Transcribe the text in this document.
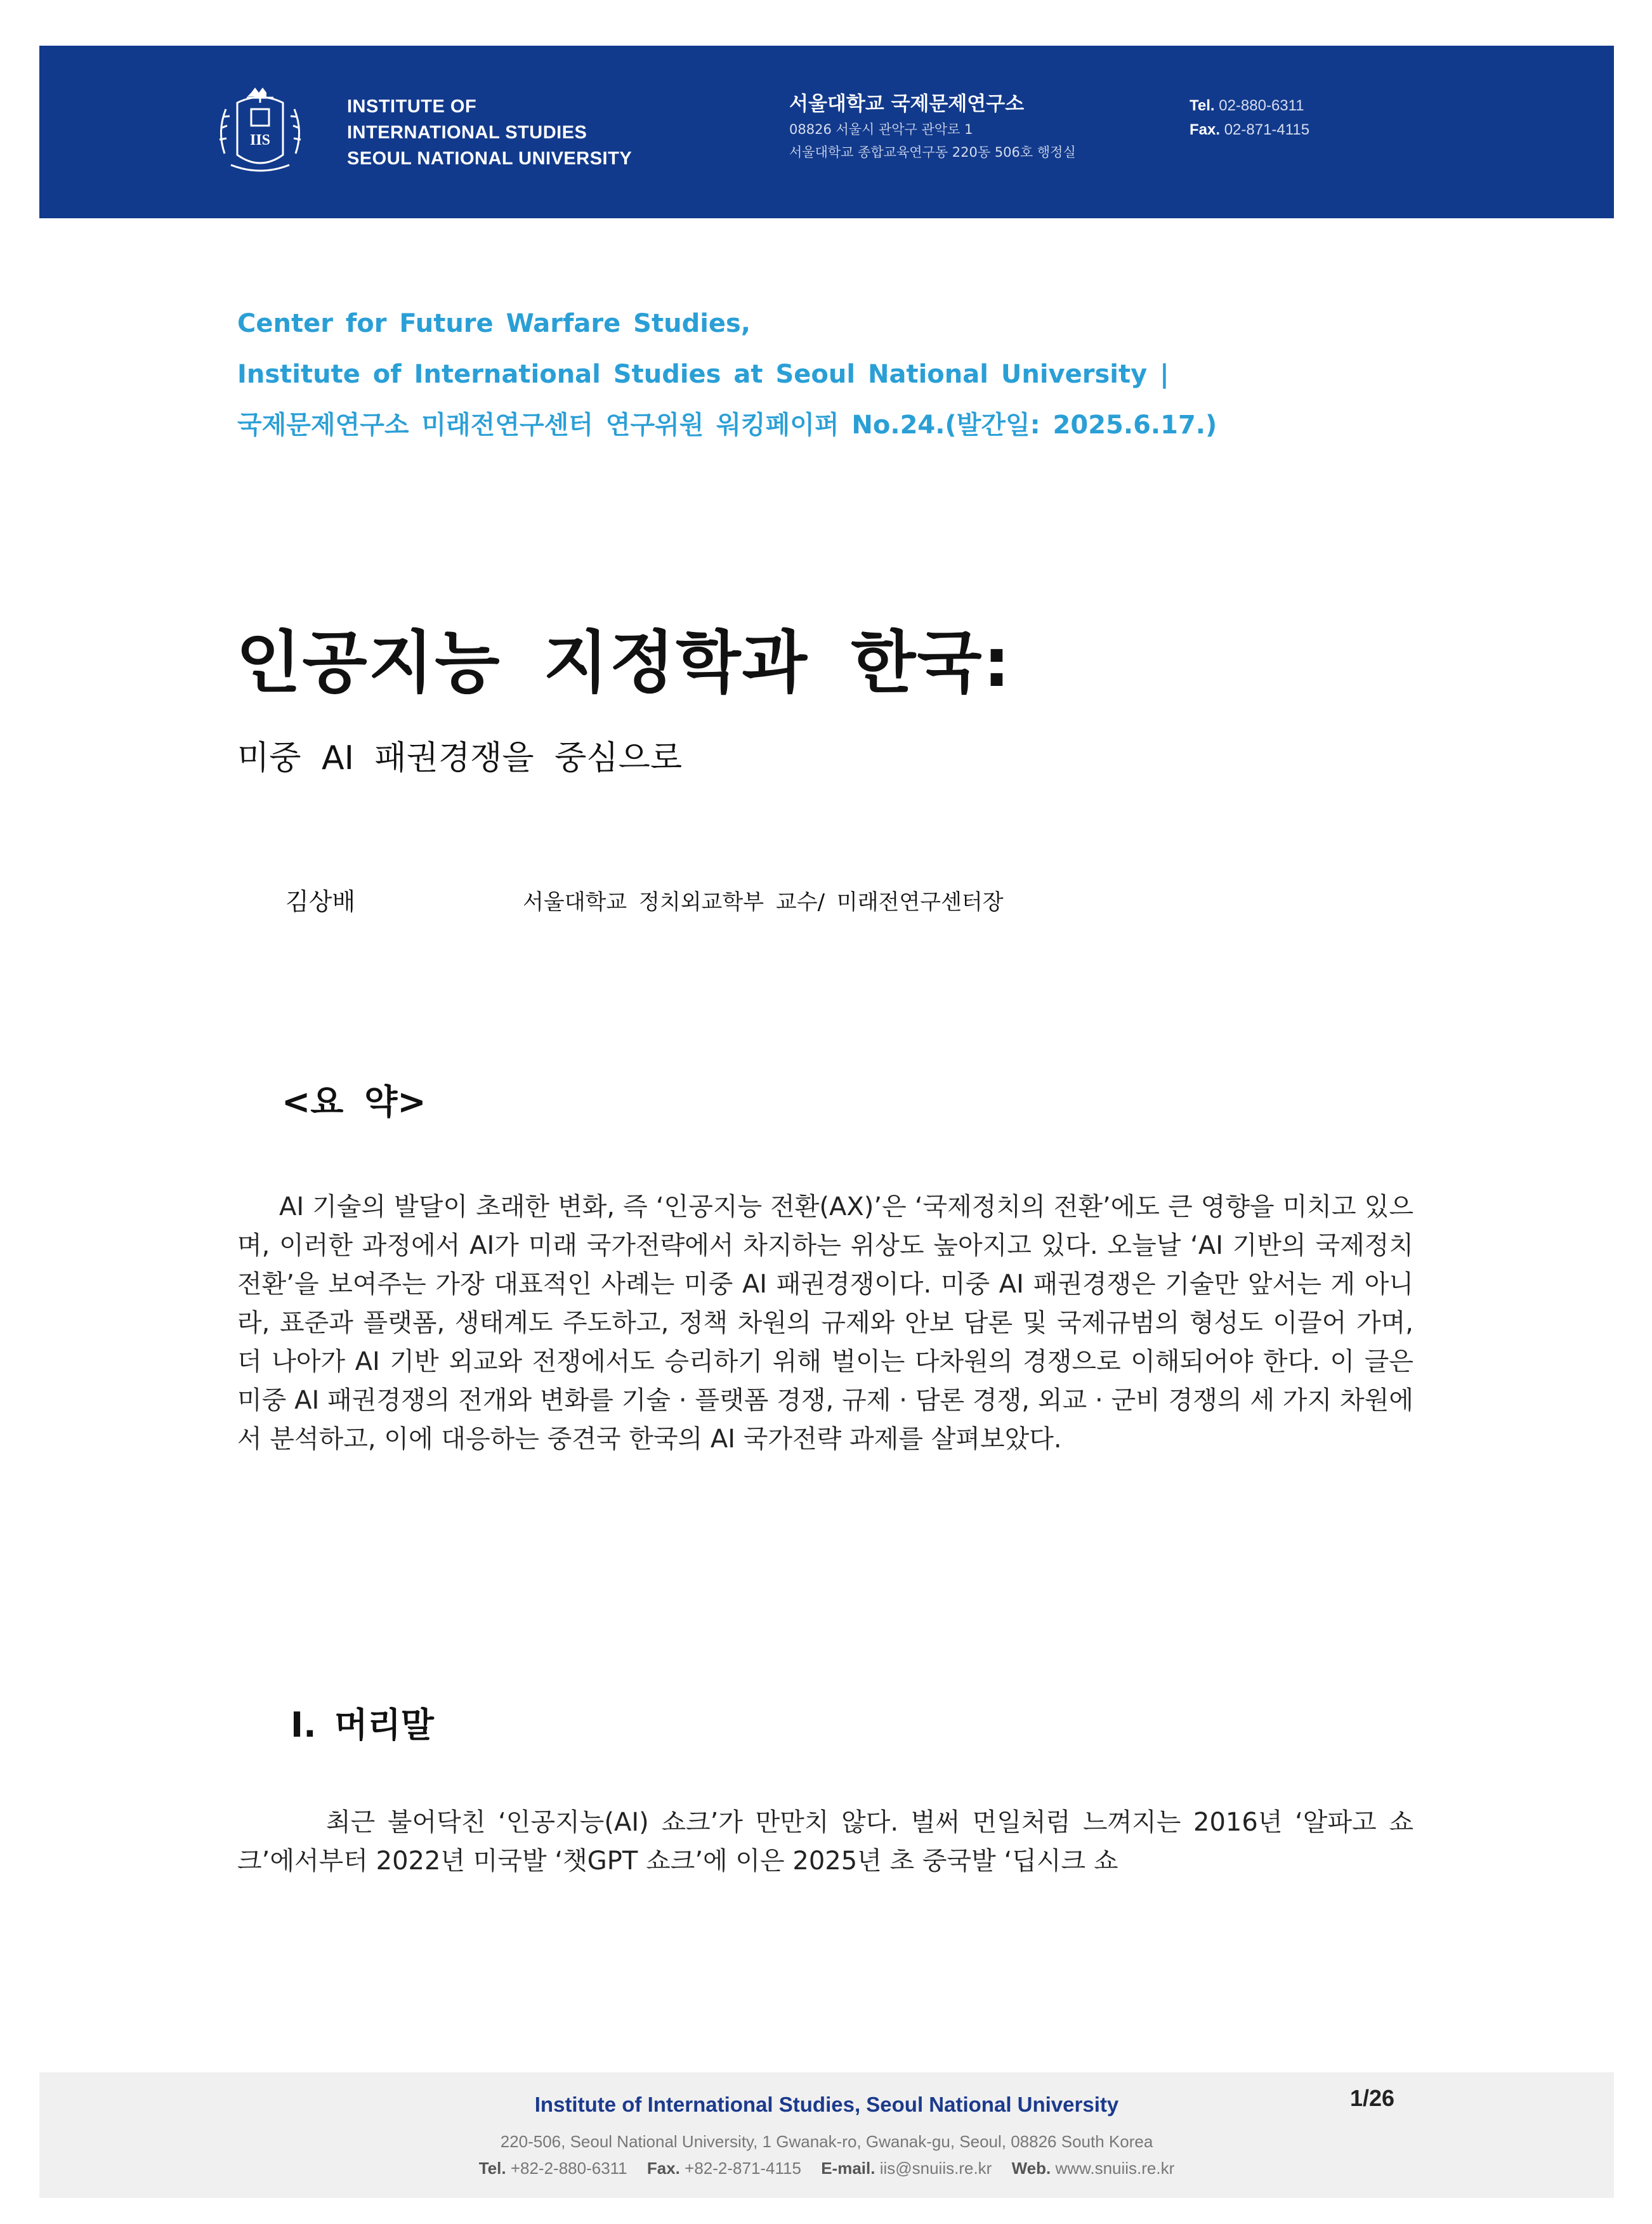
IIS
INSTITUTE OF
INTERNATIONAL STUDIES
SEOUL NATIONAL UNIVERSITY
서울대학교 국제문제연구소
08826 서울시 관악구 관악로 1
서울대학교 종합교육연구동 220동 506호 행정실
Tel. 02-880-6311
Fax. 02-871-4115
Center for Future Warfare Studies,
Institute of International Studies at Seoul National University |
국제문제연구소 미래전연구센터 연구위원 워킹페이퍼 No.24.(발간일: 2025.6.17.)
인공지능 지정학과 한국:
미중 AI 패권경쟁을 중심으로
김상배	서울대학교 정치외교학부 교수/ 미래전연구센터장
<요 약>
AI 기술의 발달이 초래한 변화, 즉 ‘인공지능 전환(AX)’은 ‘국제정치의 전환’에도 큰 영향을 미치고 있으며, 이러한 과정에서 AI가 미래 국가전략에서 차지하는 위상도 높아지고 있다. 오늘날 ‘AI 기반의 국제정치 전환’을 보여주는 가장 대표적인 사례는 미중 AI 패권경쟁이다. 미중 AI 패권경쟁은 기술만 앞서는 게 아니라, 표준과 플랫폼, 생태계도 주도하고, 정책 차원의 규제와 안보 담론 및 국제규범의 형성도 이끌어 가며, 더 나아가 AI 기반 외교와 전쟁에서도 승리하기 위해 벌이는 다차원의 경쟁으로 이해되어야 한다. 이 글은 미중 AI 패권경쟁의 전개와 변화를 기술 · 플랫폼 경쟁, 규제 · 담론 경쟁, 외교 · 군비 경쟁의 세 가지 차원에서 분석하고, 이에 대응하는 중견국 한국의 AI 국가전략 과제를 살펴보았다.
Ⅰ. 머리말
최근 불어닥친 ‘인공지능(AI) 쇼크’가 만만치 않다. 벌써 먼일처럼 느껴지는 2016년 ‘알파고 쇼크’에서부터 2022년 미국발 ‘챗GPT 쇼크’에 이은 2025년 초 중국발 ‘딥시크 쇼
Institute of International Studies, Seoul National University
220-506, Seoul National University, 1 Gwanak-ro, Gwanak-gu, Seoul, 08826 South Korea
Tel. +82-2-880-6311 Fax. +82-2-871-4115 E-mail. iis@snuiis.re.kr Web. www.snuiis.re.kr
1/26
